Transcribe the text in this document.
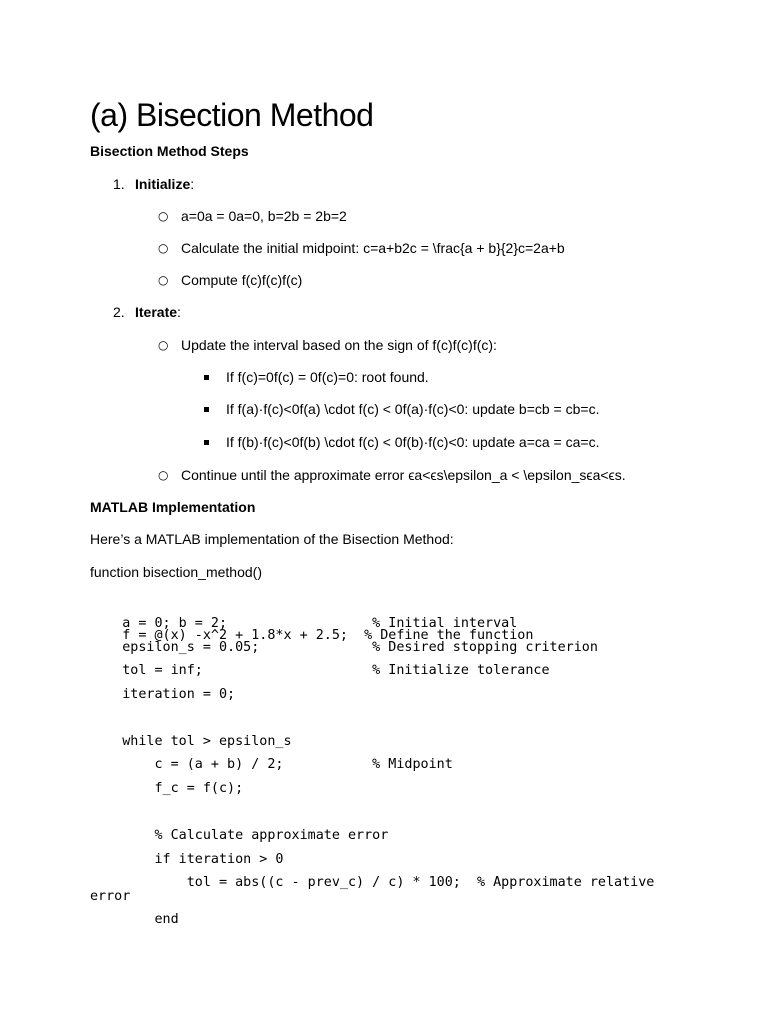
(a) Bisection Method
Bisection Method Steps
1. Initialize:
○ a=0a = 0a=0, b=2b = 2b=2
○ Calculate the initial midpoint: c=a+b2c = \frac{a + b}{2}c=2a+b
○ Compute f(c)f(c)f(c)
2. Iterate:
○ Update the interval based on the sign of f(c)f(c)f(c):
If f(c)=0f(c) = 0f(c)=0: root found.
If f(a)·f(c)<0f(a) \cdot f(c) < 0f(a)·f(c)<0: update b=cb = cb=c.
If f(b)·f(c)<0f(b) \cdot f(c) < 0f(b)·f(c)<0: update a=ca = ca=c.
○ Continue until the approximate error ϵa<ϵs\epsilon_a < \epsilon_sϵa<ϵs.
MATLAB Implementation
Here’s a MATLAB implementation of the Bisection Method:
function bisection_method()

f = @(x) -x^2 + 1.8*x + 2.5;  % Define the function

a = 0; b = 2;                  % Initial interval
epsilon_s = 0.05;              % Desired stopping criterion
tol = inf;                     % Initialize tolerance
iteration = 0;
while tol > epsilon_s
c = (a + b) / 2;           % Midpoint
f_c = f(c);
% Calculate approximate error
if iteration > 0
tol = abs((c - prev_c) / c) * 100;  % Approximate relative
error
end
